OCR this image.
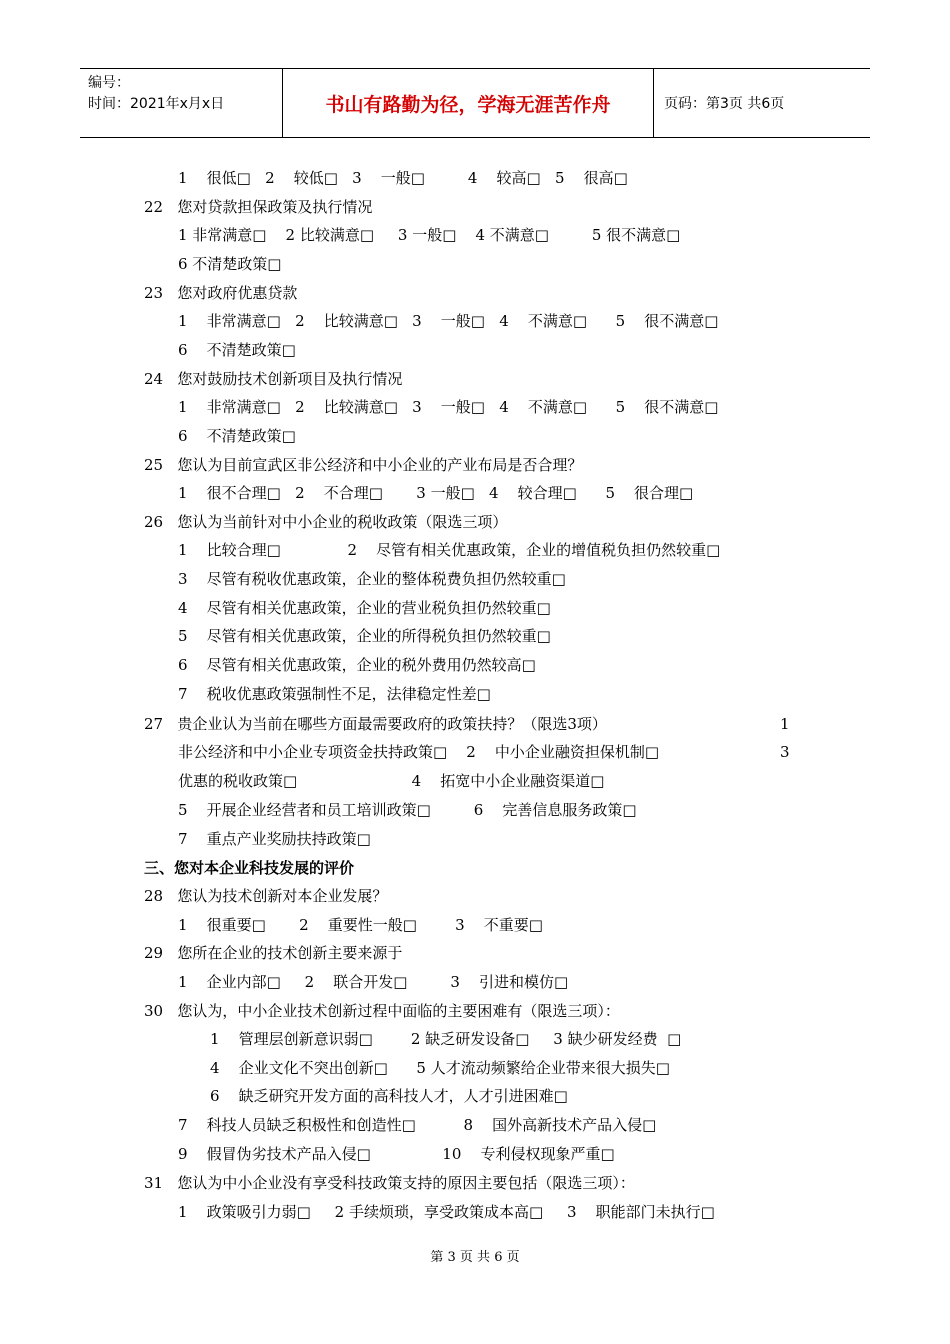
编号：
时间：2021年x月x日	书山有路勤为径，学海无涯苦作舟	页码：第3页 共6页
1    很低□   2    较低□   3    一般□         4    较高□   5    很高□
22   您对贷款担保政策及执行情况
1 非常满意□    2 比较满意□     3 一般□    4 不满意□         5 很不满意□
6 不清楚政策□
23   您对政府优惠贷款
1    非常满意□   2    比较满意□   3    一般□   4    不满意□      5    很不满意□
6    不清楚政策□
24   您对鼓励技术创新项目及执行情况
1    非常满意□   2    比较满意□   3    一般□   4    不满意□      5    很不满意□
6    不清楚政策□
25   您认为目前宣武区非公经济和中小企业的产业布局是否合理？
1    很不合理□   2    不合理□       3 一般□   4    较合理□      5    很合理□
26   您认为当前针对中小企业的税收政策（限选三项）
1    比较合理□              2    尽管有相关优惠政策，企业的增值税负担仍然较重□
3    尽管有税收优惠政策，企业的整体税费负担仍然较重□
4    尽管有相关优惠政策，企业的营业税负担仍然较重□
5    尽管有相关优惠政策，企业的所得税负担仍然较重□
6    尽管有相关优惠政策，企业的税外费用仍然较高□
7    税收优惠政策强制性不足，法律稳定性差□
27   贵企业认为当前在哪些方面最需要政府的政策扶持？（限选3项）	1
非公经济和中小企业专项资金扶持政策□    2    中小企业融资担保机制□	3
优惠的税收政策□                        4    拓宽中小企业融资渠道□
5    开展企业经营者和员工培训政策□         6    完善信息服务政策□
7    重点产业奖励扶持政策□
三、您对本企业科技发展的评价
28   您认为技术创新对本企业发展？
1    很重要□       2    重要性一般□        3    不重要□
29   您所在企业的技术创新主要来源于
1    企业内部□     2    联合开发□         3    引进和模仿□
30   您认为，中小企业技术创新过程中面临的主要困难有（限选三项）：
1    管理层创新意识弱□        2 缺乏研发设备□     3 缺少研发经费  □
4    企业文化不突出创新□      5 人才流动频繁给企业带来很大损失□
6    缺乏研究开发方面的高科技人才，人才引进困难□
7    科技人员缺乏积极性和创造性□          8    国外高新技术产品入侵□
9    假冒伪劣技术产品入侵□               10    专利侵权现象严重□
31   您认为中小企业没有享受科技政策支持的原因主要包括（限选三项）：
1    政策吸引力弱□     2 手续烦琐，享受政策成本高□     3    职能部门未执行□
第 3 页 共 6 页
